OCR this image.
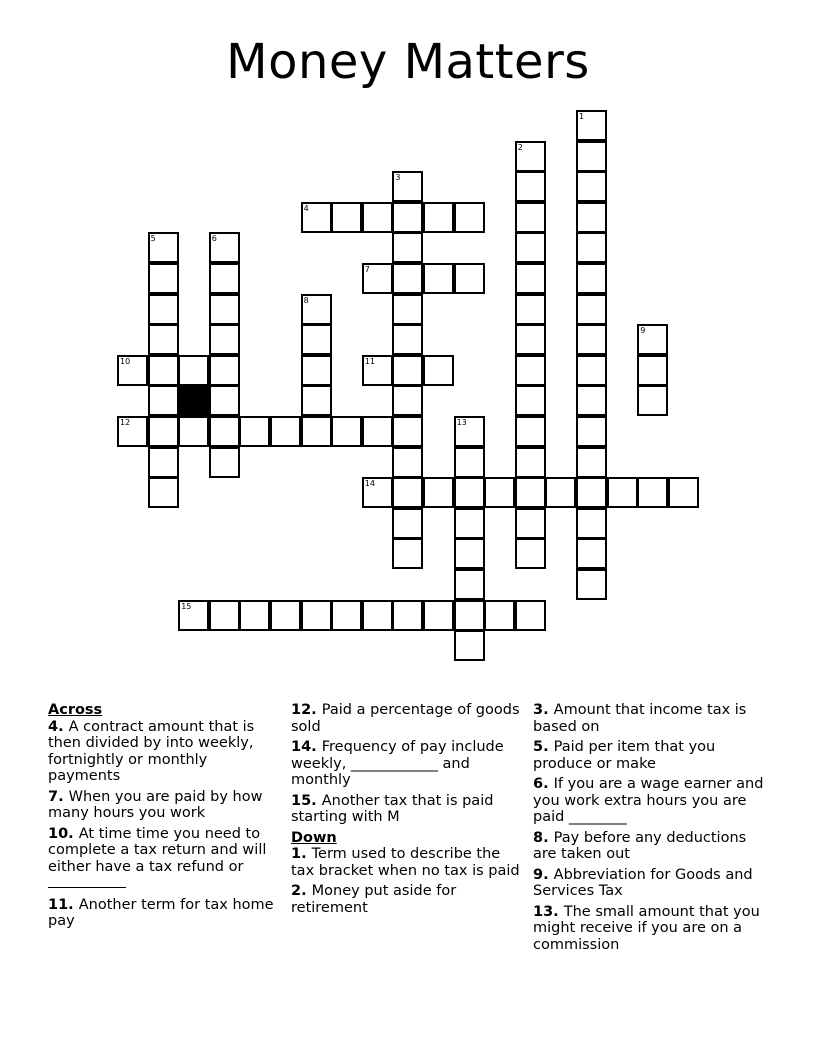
Money Matters
1
2
3
4
5	6
7
8
9
10	11
12	13
14
15
Across
4. A contract amount that is then divided by into weekly, fortnightly or monthly payments
7. When you are paid by how many hours you work
10. At time time you need to complete a tax return and will either have a tax refund or

11. Another term for tax home pay
12. Paid a percentage of goods sold
14. Frequency of pay include weekly, ____________ and monthly
15. Another tax that is paid starting with M
Down
1. Term used to describe the tax bracket when no tax is paid
2. Money put aside for retirement
3. Amount that income tax is based on
5. Paid per item that you produce or make
6. If you are a wage earner and you work extra hours you are paid ________
8. Pay before any deductions are taken out
9. Abbreviation for Goods and Services Tax
13. The small amount that you might receive if you are on a commission
